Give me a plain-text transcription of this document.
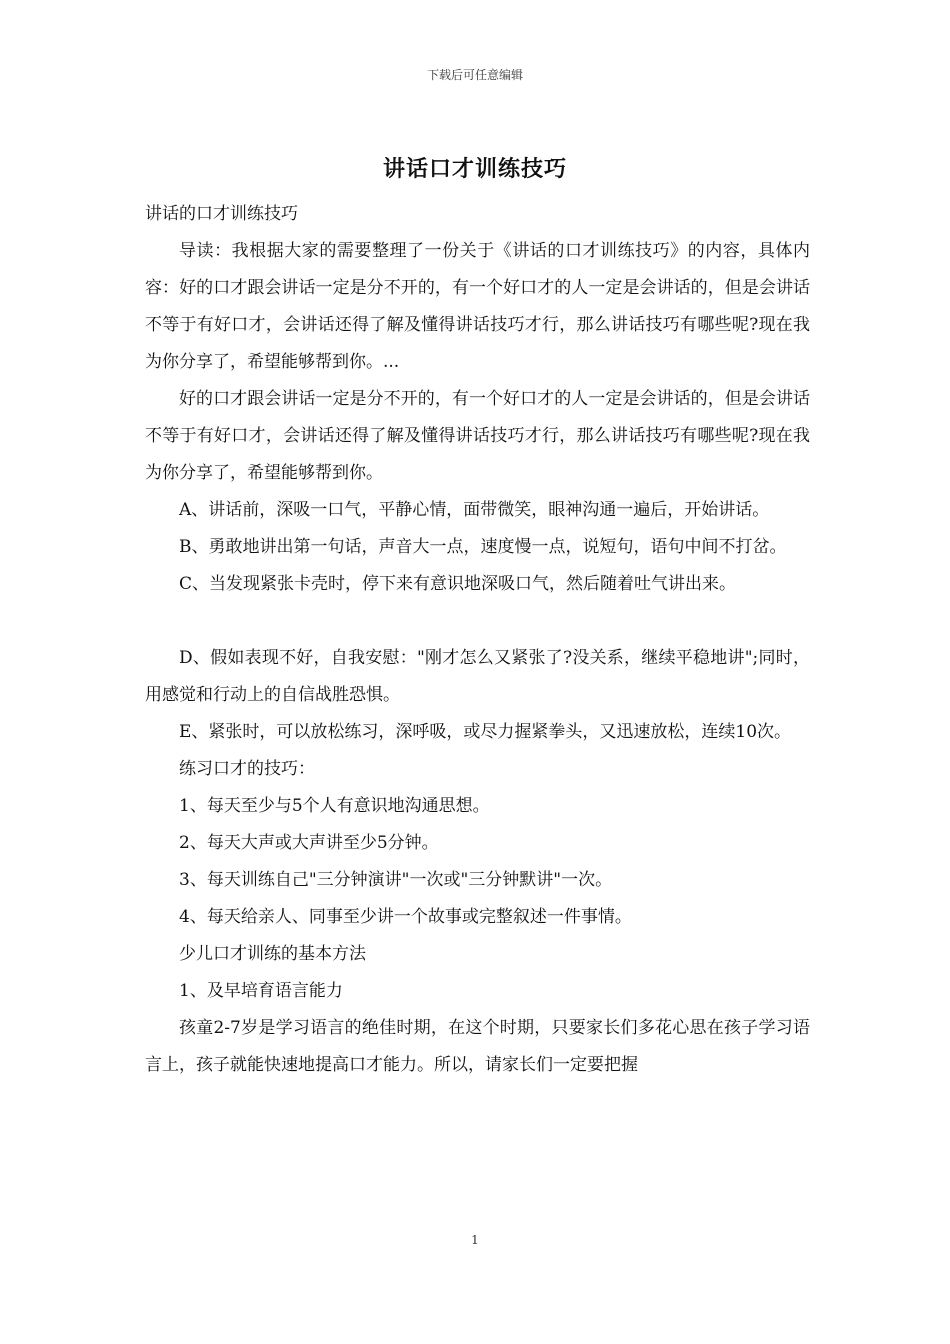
下载后可任意编辑
讲话口才训练技巧

讲话的口才训练技巧

导读：我根据大家的需要整理了一份关于《讲话的口才训练技巧》的内容，具体内容：好的口才跟会讲话一定是分不开的，有一个好口才的人一定是会讲话的，但是会讲话不等于有好口才，会讲话还得了解及懂得讲话技巧才行，那么讲话技巧有哪些呢?现在我为你分享了，希望能够帮到你。...

好的口才跟会讲话一定是分不开的，有一个好口才的人一定是会讲话的，但是会讲话不等于有好口才，会讲话还得了解及懂得讲话技巧才行，那么讲话技巧有哪些呢?现在我为你分享了，希望能够帮到你。

A、讲话前，深吸一口气，平静心情，面带微笑，眼神沟通一遍后，开始讲话。

B、勇敢地讲出第一句话，声音大一点，速度慢一点，说短句，语句中间不打岔。

C、当发现紧张卡壳时，停下来有意识地深吸口气，然后随着吐气讲出来。

D、假如表现不好，自我安慰："刚才怎么又紧张了?没关系，继续平稳地讲";同时，用感觉和行动上的自信战胜恐惧。

E、紧张时，可以放松练习，深呼吸，或尽力握紧拳头，又迅速放松，连续10次。

练习口才的技巧：

1、每天至少与5个人有意识地沟通思想。

2、每天大声或大声讲至少5分钟。

3、每天训练自己"三分钟演讲"一次或"三分钟默讲"一次。

4、每天给亲人、同事至少讲一个故事或完整叙述一件事情。

少儿口才训练的基本方法

1、及早培育语言能力

孩童2-7岁是学习语言的绝佳时期，在这个时期，只要家长们多花心思在孩子学习语言上，孩子就能快速地提高口才能力。所以，请家长们一定要把握

1
